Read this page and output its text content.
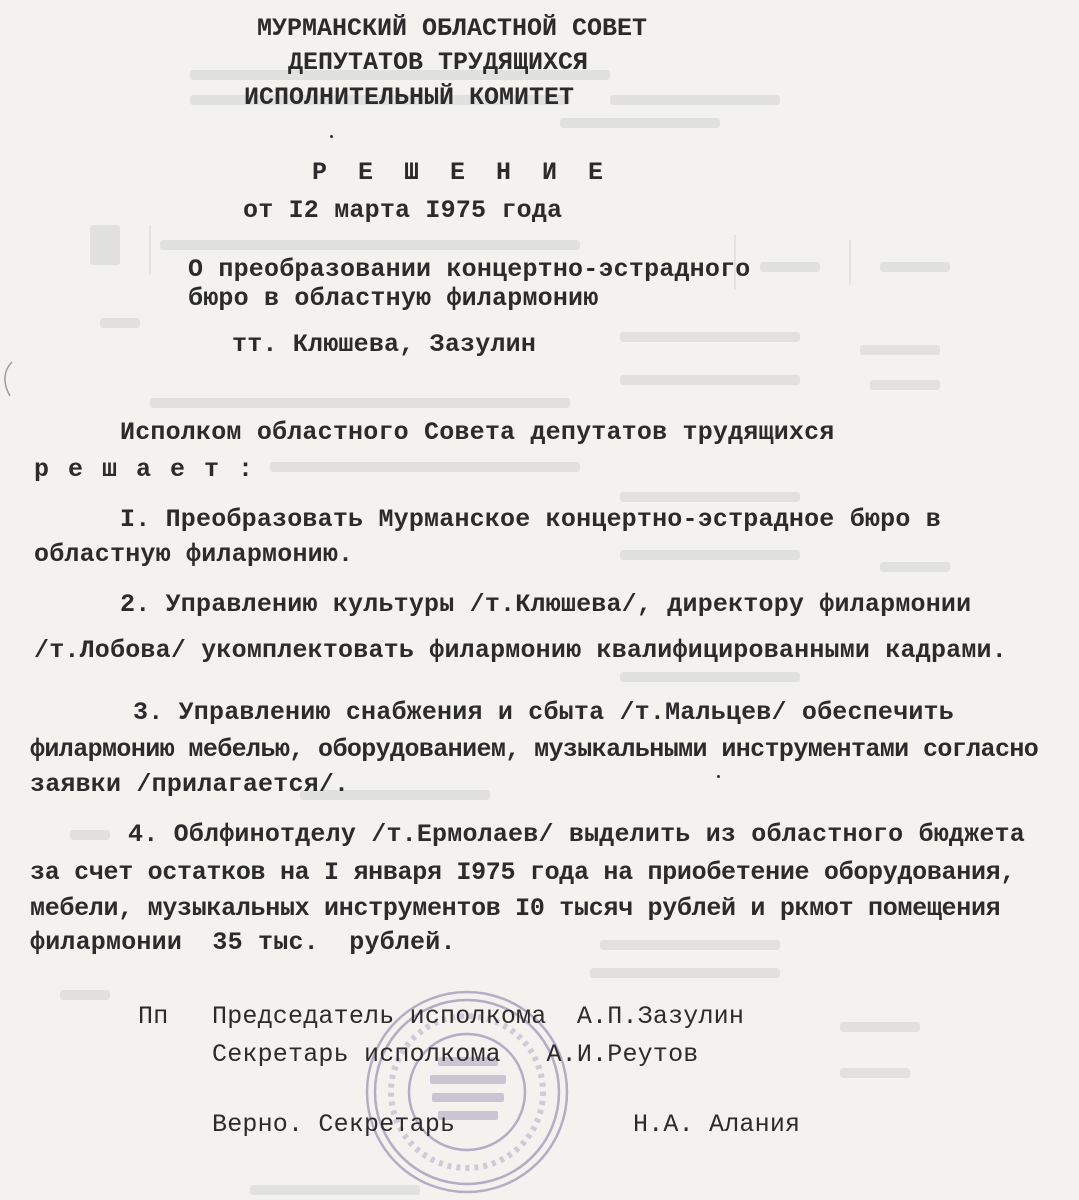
МУРМАНСКИЙ ОБЛАСТНОЙ СОВЕТ
ДЕПУТАТОВ ТРУДЯЩИХСЯ
ИСПОЛНИТЕЛЬНЫЙ КОМИТЕТ
Р Е Ш Е Н И Е
от I2 марта I975 года
О преобразовании концертно-эстрадного
бюро в областную филармонию
тт. Клюшева, Зазулин
Исполком областного Совета депутатов трудящихся
р е ш а е т :
I. Преобразовать Мурманское концертно-эстрадное бюро в
областную филармонию.
2. Управлению культуры /т.Клюшева/, директору филармонии
/т.Лобова/ укомплектовать филармонию квалифицированными кадрами.
3. Управлению снабжения и сбыта /т.Мальцев/ обеспечить
филармонию мебелью, оборудованием, музыкальными инструментами согласно
заявки /прилагается/.
4. Облфинотделу /т.Ермолаев/ выделить из областного бюджета
за счет остатков на I января I975 года на приобетение оборудования,
мебели, музыкальных инструментов I0 тысяч рублей и ркмот помещения
филармонии  35 тыс.  рублей.
Пп Председатель исполкома  А.П.Зазулин
Секретарь исполкома   А.И.Реутов
Верно. Секретарь	Н.А. Алания
